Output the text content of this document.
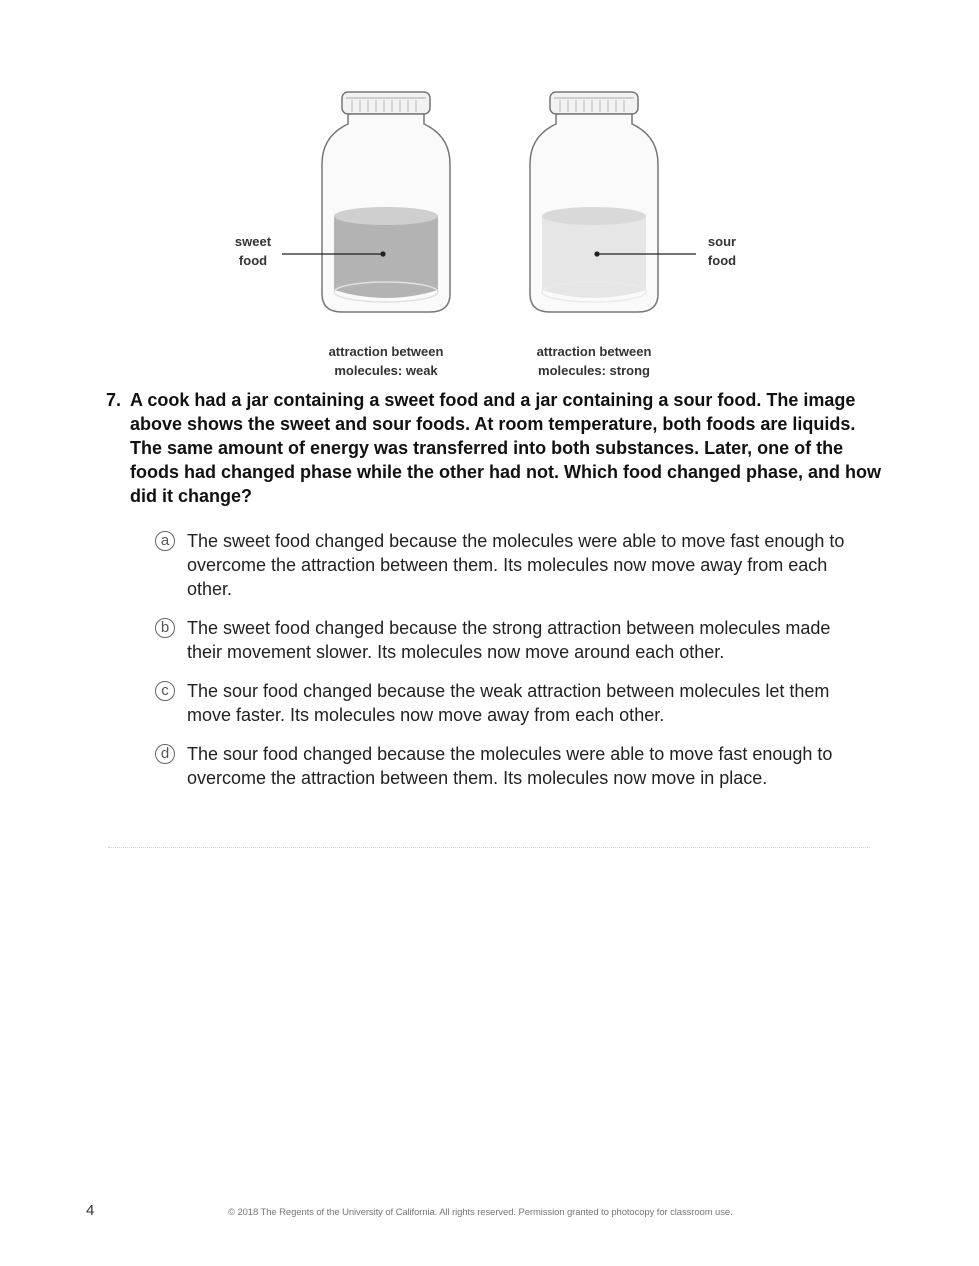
sweet
food
sour
food
attraction between
molecules: weak
attraction between
molecules: strong
7. A cook had a jar containing a sweet food and a jar containing a sour food. The image above shows the sweet and sour foods. At room temperature, both foods are liquids. The same amount of energy was transferred into both substances. Later, one of the foods had changed phase while the other had not. Which food changed phase, and how did it change?
a The sweet food changed because the molecules were able to move fast enough to overcome the attraction between them. Its molecules now move away from each other.
b The sweet food changed because the strong attraction between molecules made their movement slower. Its molecules now move around each other.
c	The sour food changed because the weak attraction between molecules let them move faster. Its molecules now move away from each other.
d The sour food changed because the molecules were able to move fast enough to overcome the attraction between them. Its molecules now move in place.
4	© 2018 The Regents of the University of California. All rights reserved. Permission granted to photocopy for classroom use.
